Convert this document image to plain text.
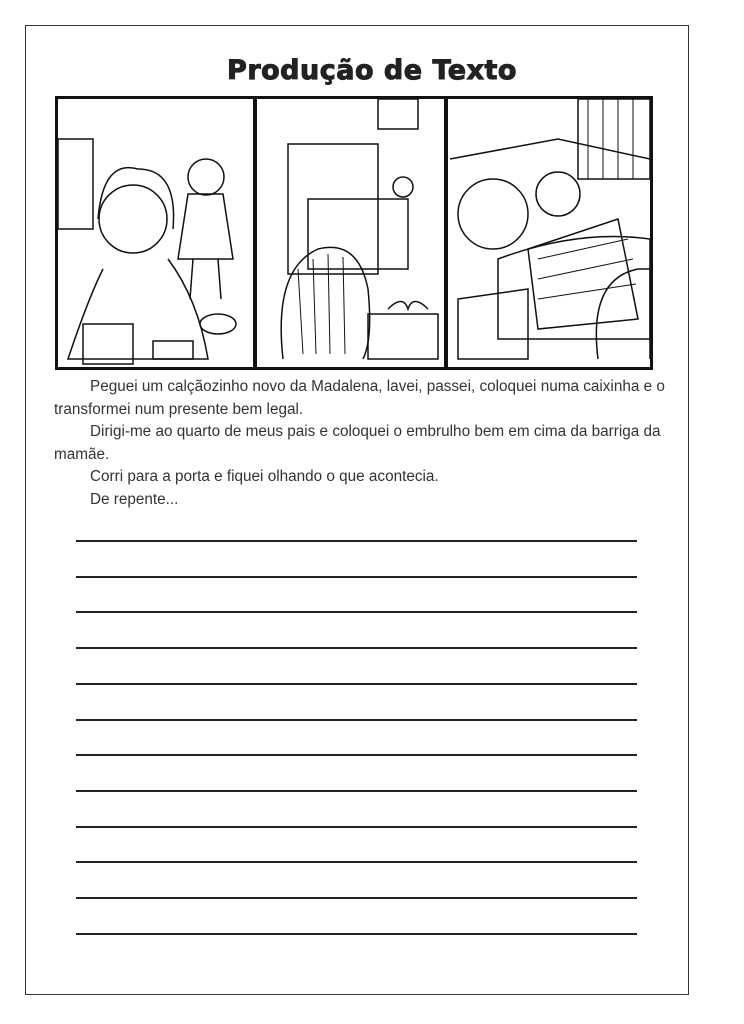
Produção de Texto

Peguei um calçãozinho novo da Madalena, lavei, passei, coloquei numa caixinha e o transformei num presente bem legal.

Dirigi-me ao quarto de meus pais e coloquei o embrulho bem em cima da barriga da mamãe.

Corri para a porta e fiquei olhando o que acontecia.

De repente...
